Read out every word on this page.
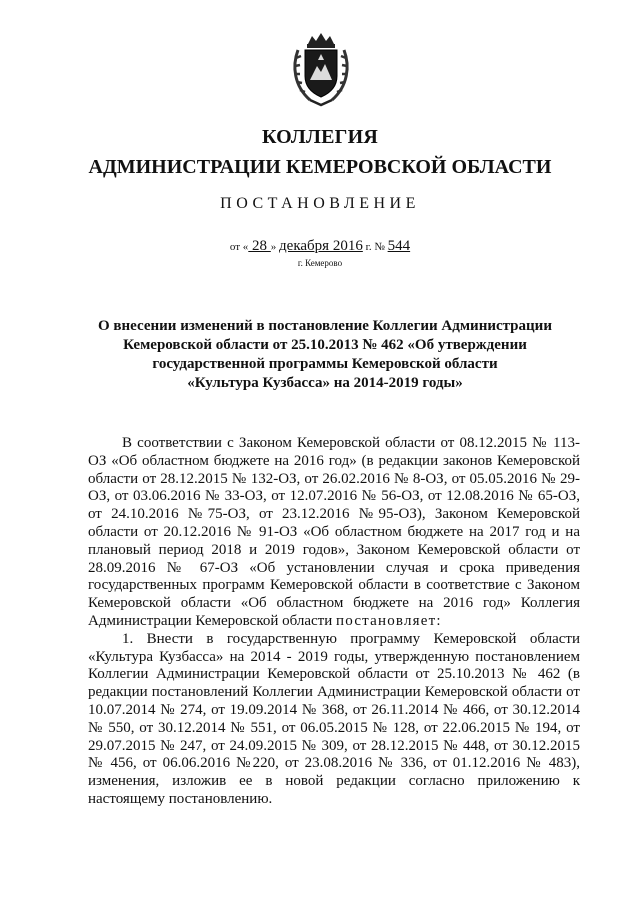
КОЛЛЕГИЯ
АДМИНИСТРАЦИИ КЕМЕРОВСКОЙ ОБЛАСТИ
ПОСТАНОВЛЕНИЕ
от « 28 » декабря 2016 г. № 544
г. Кемерово
О внесении изменений в постановление Коллегии Администрации
Кемеровской области от 25.10.2013 № 462 «Об утверждении
государственной программы Кемеровской области
«Культура Кузбасса» на 2014-2019 годы»

В соответствии с Законом Кемеровской области от 08.12.2015 № 113-ОЗ «Об областном бюджете на 2016 год» (в редакции законов Кемеровской области от 28.12.2015 № 132-ОЗ, от 26.02.2016 № 8-ОЗ, от 05.05.2016 № 29-ОЗ, от 03.06.2016 № 33-ОЗ, от 12.07.2016 № 56-ОЗ, от 12.08.2016 № 65-ОЗ, от 24.10.2016 №75-ОЗ, от 23.12.2016 №95-ОЗ), Законом Кемеровской области от 20.12.2016 № 91-ОЗ «Об областном бюджете на 2017 год и на плановый период 2018 и 2019 годов», Законом Кемеровской области от 28.09.2016 № 67-ОЗ «Об установлении случая и срока приведения государственных программ Кемеровской области в соответствие с Законом Кемеровской области «Об областном бюджете на 2016 год» Коллегия Администрации Кемеровской области постановляет:

1. Внести в государственную программу Кемеровской области «Культура Кузбасса» на 2014 - 2019 годы, утвержденную постановлением Коллегии Администрации Кемеровской области от 25.10.2013 № 462 (в редакции постановлений Коллегии Администрации Кемеровской области от 10.07.2014 № 274, от 19.09.2014 № 368, от 26.11.2014 № 466, от 30.12.2014 № 550, от 30.12.2014 № 551, от 06.05.2015 № 128, от 22.06.2015 № 194, от 29.07.2015 № 247, от 24.09.2015 № 309, от 28.12.2015 № 448, от 30.12.2015 № 456, от 06.06.2016 №220, от 23.08.2016 № 336, от 01.12.2016 № 483), изменения, изложив ее в новой редакции согласно приложению к настоящему постановлению.
